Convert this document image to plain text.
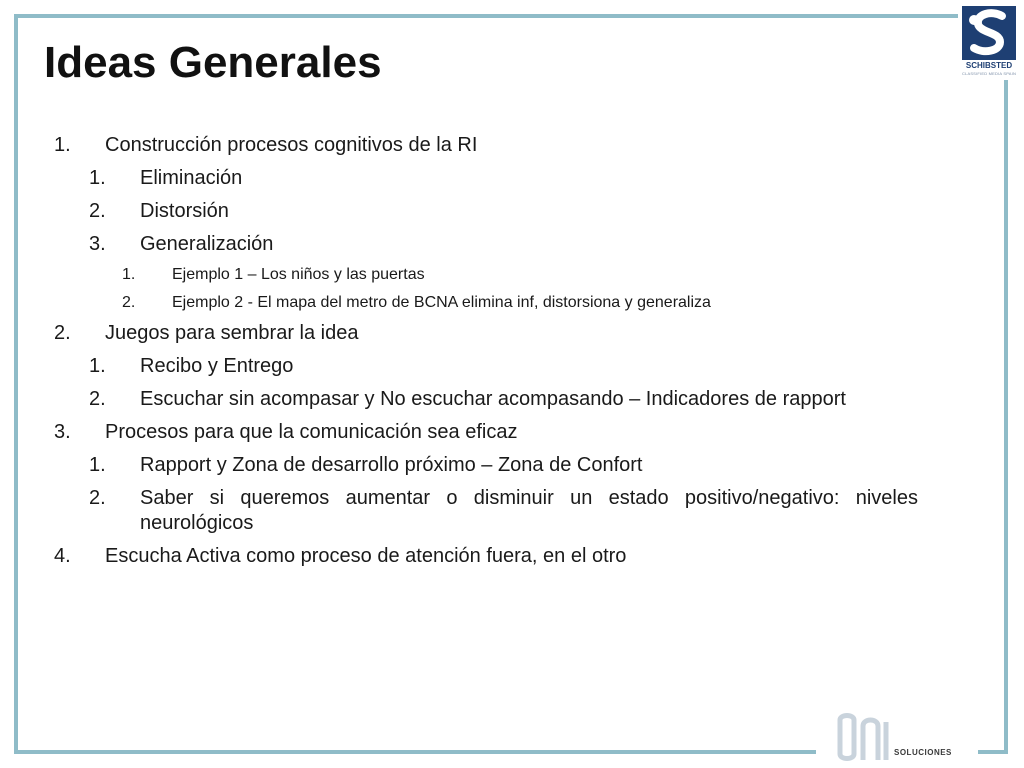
Ideas Generales	SCHIBSTED
CLASSIFIED MEDIA SPAIN
1.	Construcción procesos cognitivos de la RI
1.	Eliminación
2.	Distorsión
3.	Generalización
1.	Ejemplo 1 – Los niños y las puertas
2.	Ejemplo 2 - El mapa del metro de BCNA elimina inf, distorsiona y generaliza
2.	Juegos para sembrar la idea
1.	Recibo y Entrego
2.	Escuchar sin acompasar y No escuchar acompasando – Indicadores de rapport
3.	Procesos para que la comunicación sea eficaz
1.	Rapport y Zona de desarrollo próximo – Zona de Confort
2.	Saber si queremos aumentar o disminuir un estado positivo/negativo: niveles neurológicos
4.	Escucha Activa como proceso de atención fuera, en el otro
SOLUCIONES
